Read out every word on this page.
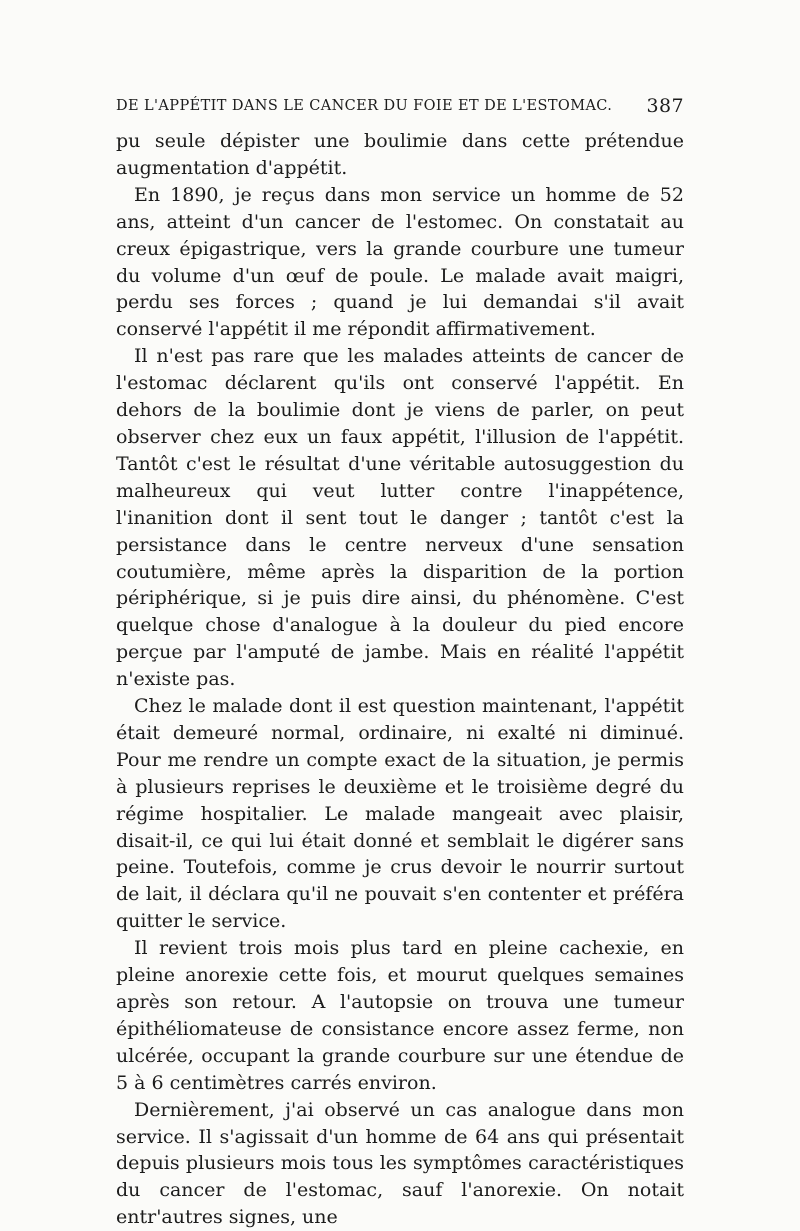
DE L'APPÉTIT DANS LE CANCER DU FOIE ET DE L'ESTOMAC. 387

pu seule dépister une boulimie dans cette prétendue augmentation d'appétit.

En 1890, je reçus dans mon service un homme de 52 ans, atteint d'un cancer de l'estomec. On constatait au creux épigastrique, vers la grande courbure une tumeur du volume d'un œuf de poule. Le malade avait maigri, perdu ses forces ; quand je lui demandai s'il avait conservé l'appétit il me répondit affirmativement.

Il n'est pas rare que les malades atteints de cancer de l'estomac déclarent qu'ils ont conservé l'appétit. En dehors de la boulimie dont je viens de parler, on peut observer chez eux un faux appétit, l'illusion de l'appétit. Tantôt c'est le résultat d'une véritable autosuggestion du malheureux qui veut lutter contre l'inappétence, l'inanition dont il sent tout le danger ; tantôt c'est la persistance dans le centre nerveux d'une sensation coutumière, même après la disparition de la portion périphérique, si je puis dire ainsi, du phénomène. C'est quelque chose d'analogue à la douleur du pied encore perçue par l'amputé de jambe. Mais en réalité l'appétit n'existe pas.

Chez le malade dont il est question maintenant, l'appétit était demeuré normal, ordinaire, ni exalté ni diminué. Pour me rendre un compte exact de la situation, je permis à plusieurs reprises le deuxième et le troisième degré du régime hospitalier. Le malade mangeait avec plaisir, disait-il, ce qui lui était donné et semblait le digérer sans peine. Toutefois, comme je crus devoir le nourrir surtout de lait, il déclara qu'il ne pouvait s'en contenter et préféra quitter le service.

Il revient trois mois plus tard en pleine cachexie, en pleine anorexie cette fois, et mourut quelques semaines après son retour. A l'autopsie on trouva une tumeur épithéliomateuse de consistance encore assez ferme, non ulcérée, occupant la grande courbure sur une étendue de 5 à 6 centimètres carrés environ.

Dernièrement, j'ai observé un cas analogue dans mon service. Il s'agissait d'un homme de 64 ans qui présentait depuis plusieurs mois tous les symptômes caractéristiques du cancer de l'estomac, sauf l'anorexie. On notait entr'autres signes, une
